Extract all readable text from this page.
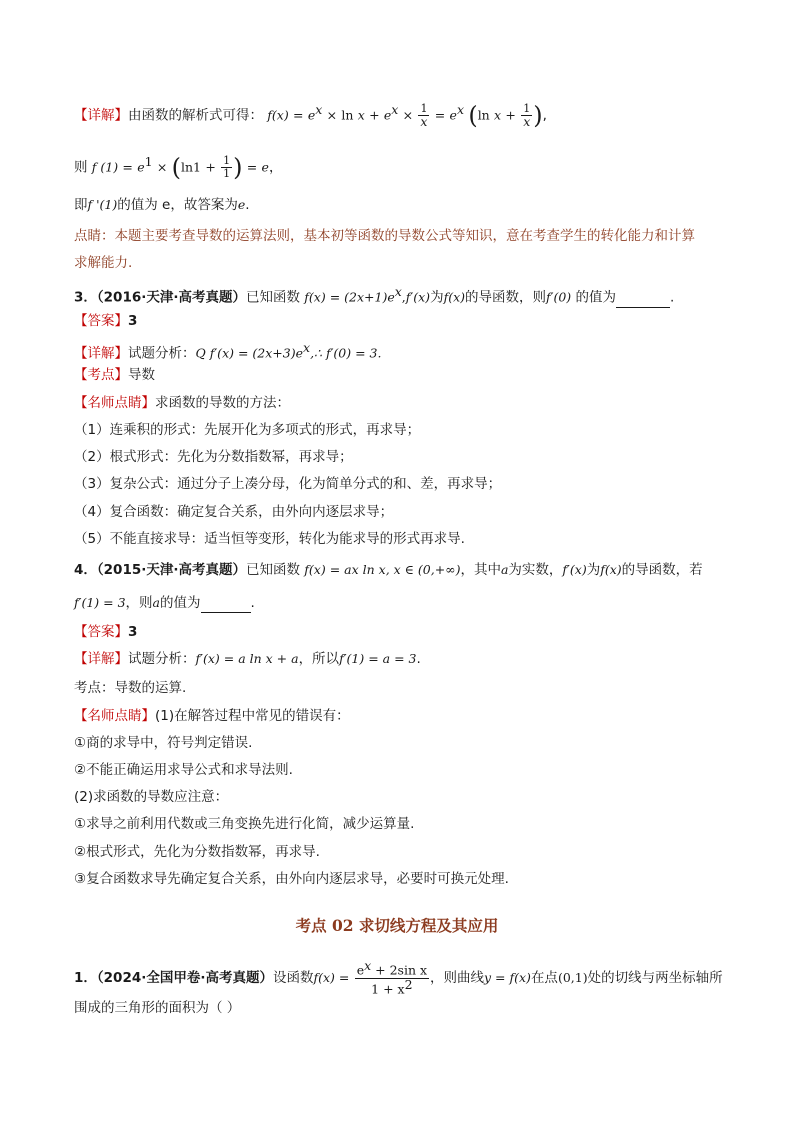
【详解】由函数的解析式可得： $f(x) = e^x \times \ln x + e^x \times \frac{1}{x} = e^x$ (ln $x + \frac{1}{x}$ ),
则 f $(1) = e^1 \times (\ln 1 + \frac{1}{1}$ ) = e，
即f '(1)的值为 e，故答案为e.
点睛：本题主要考查导数的运算法则，基本初等函数的导数公式等知识，意在考查学生的转化能力和计算
求解能力.
3．（2016·天津·高考真题）已知函数 $f(x) = (2x+1)e^x,f'(x)$为f(x)的导函数，则f′(0) 的值为	.
【答案】3
【详解】试题分析：Q $f'(x) = (2x+3)e^x,\therefore$ f′(0) = 3.
【考点】导数
【名师点睛】求函数的导数的方法：
（1）连乘积的形式：先展开化为多项式的形式，再求导；
（2）根式形式：先化为分数指数幂，再求导；
（3）复杂公式：通过分子上凑分母，化为简单分式的和、差，再求导；
（4）复合函数：确定复合关系，由外向内逐层求导；
（5）不能直接求导：适当恒等变形，转化为能求导的形式再求导.
4．（2015·天津·高考真题）已知函数 f(x) = ax ln x, x ∈ (0,+∞)，其中a为实数，f′(x)为f(x)的导函数，若
f′(1) = 3，则a的值为	.
【答案】3
【详解】试题分析：f′(x) = a ln x + a，所以f′(1) = a = 3.
考点：导数的运算.
【名师点睛】(1)在解答过程中常见的错误有：
①商的求导中，符号判定错误.
②不能正确运用求导公式和求导法则.
(2)求函数的导数应注意：
①求导之前利用代数或三角变换先进行化简，减少运算量.
②根式形式，先化为分数指数幂，再求导.
③复合函数求导先确定复合关系，由外向内逐层求导，必要时可换元处理.
考点 02 求切线方程及其应用
1．（2024·全国甲卷·高考真题）设函数$f(x) = \frac{e^x + 2\sin x}{1 + x^2}$ ，则曲线y = f(x)在点(0,1)处的切线与两坐标轴所
围成的三角形的面积为（ ）
